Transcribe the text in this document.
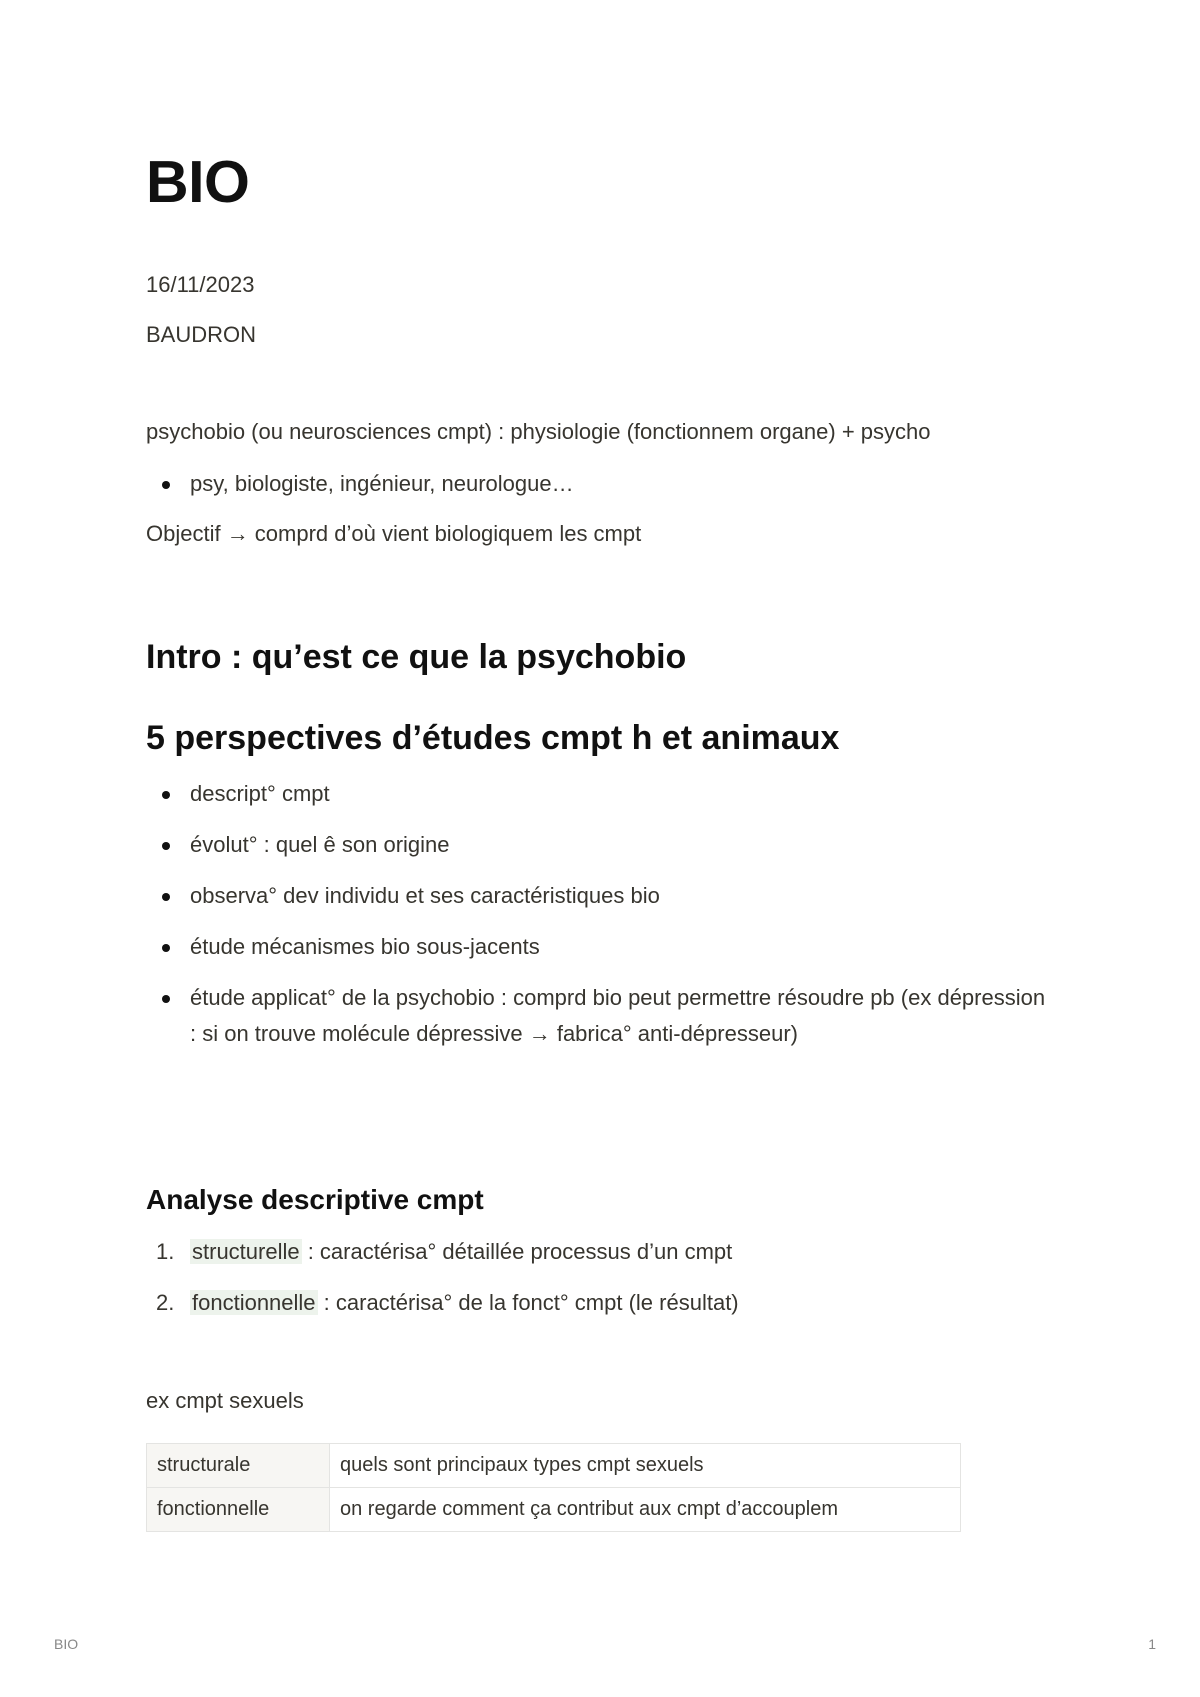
BIO
16/11/2023
BAUDRON
psychobio (ou neurosciences cmpt) : physiologie (fonctionnem organe) + psycho
psy, biologiste, ingénieur, neurologue…
Objectif → comprd d’où vient biologiquem les cmpt
Intro : qu’est ce que la psychobio
5 perspectives d’études cmpt h et animaux
descript° cmpt
évolut° : quel ê son origine
observa° dev individu et ses caractéristiques bio
étude mécanismes bio sous-jacents
étude applicat° de la psychobio : comprd bio peut permettre résoudre pb (ex dépression : si on trouve molécule dépressive → fabrica° anti-dépresseur)
Analyse descriptive cmpt
1. structurelle : caractérisa° détaillée processus d’un cmpt
2. fonctionnelle : caractérisa° de la fonct° cmpt (le résultat)
ex cmpt sexuels
structurale	quels sont principaux types cmpt sexuels
fonctionnelle	on regarde comment ça contribut aux cmpt d’accouplem
BIO	1
